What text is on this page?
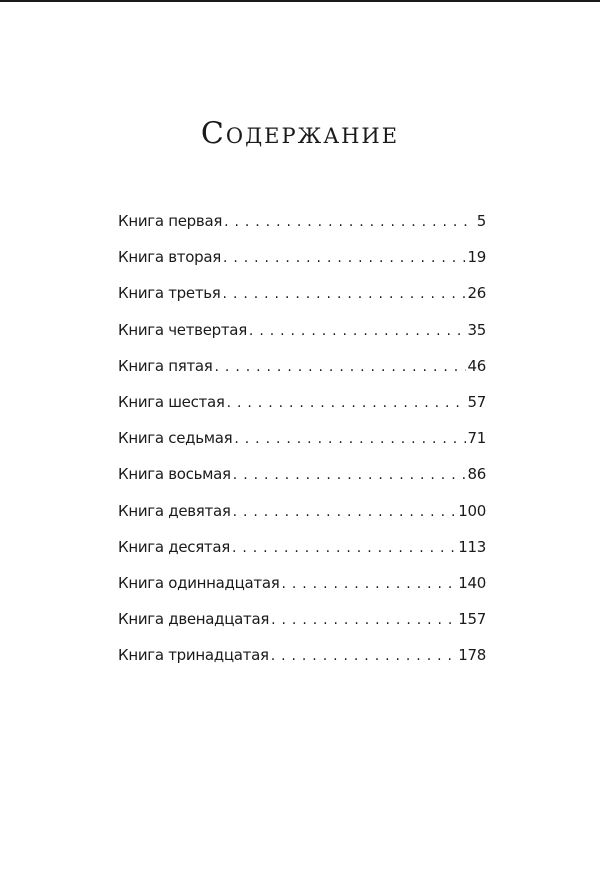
Содержание
Книга первая . . .	5
Книга вторая . . .	19
Книга третья . . .	26
Книга четвертая . . .	35
Книга пятая . . .	46
Книга шестая . . .	57
Книга седьмая . . .	71
Книга восьмая . . .	86
Книга девятая . . .	100
Книга десятая . . .	113
Книга одиннадцатая . . .	140
Книга двенадцатая . . .	157
Книга тринадцатая . . .	178
